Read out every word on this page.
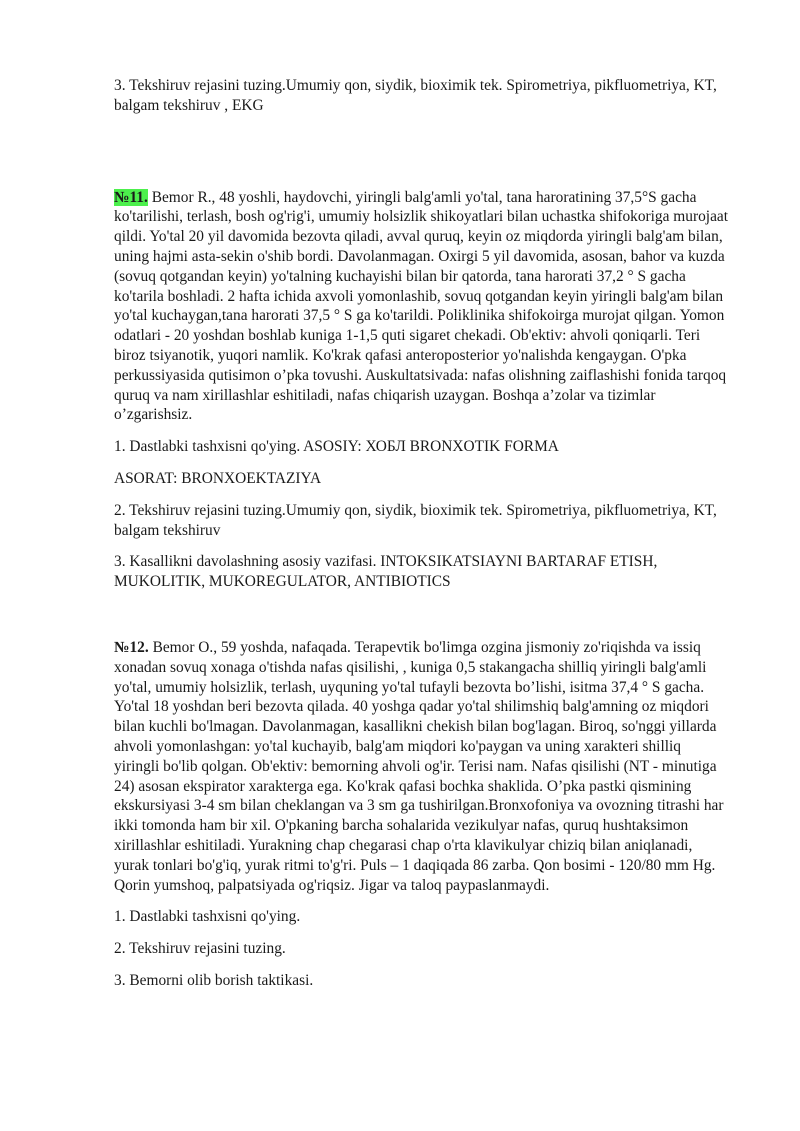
3. Tekshiruv rejasini tuzing.Umumiy qon, siydik, bioximik tek. Spirometriya, pikfluometriya, KT, balgam tekshiruv , EKG

№11. Bemor R., 48 yoshli, haydovchi, yiringli balg'amli yo'tal, tana haroratining 37,5°S gacha ko'tarilishi, terlash, bosh og'rig'i, umumiy holsizlik shikoyatlari bilan uchastka shifokoriga murojaat qildi. Yo'tal 20 yil davomida bezovta qiladi, avval quruq, keyin oz miqdorda yiringli balg'am bilan, uning hajmi asta-sekin o'shib bordi. Davolanmagan. Oxirgi 5 yil davomida, asosan, bahor va kuzda (sovuq qotgandan keyin) yo'talning kuchayishi bilan bir qatorda, tana harorati 37,2 ° S gacha ko'tarila boshladi. 2 hafta ichida axvoli yomonlashib, sovuq qotgandan keyin yiringli balg'am bilan yo'tal kuchaygan,tana harorati 37,5 ° S ga ko'tarildi. Poliklinika shifokoirga murojat qilgan. Yomon odatlari - 20 yoshdan boshlab kuniga 1-1,5 quti sigaret chekadi. Ob'ektiv: ahvoli qoniqarli. Teri biroz tsiyanotik, yuqori namlik. Ko'krak qafasi anteroposterior yo'nalishda kengaygan. O'pka perkussiyasida qutisimon o’pka tovushi. Auskultatsivada: nafas olishning zaiflashishi fonida tarqoq quruq va nam xirillashlar eshitiladi, nafas chiqarish uzaygan. Boshqa a’zolar va tizimlar o’zgarishsiz.

1. Dastlabki tashxisni qo'ying. ASOSIY: ХОБЛ BRONXOTIK FORMA

ASORAT: BRONXOEKTAZIYA

2. Tekshiruv rejasini tuzing.Umumiy qon, siydik, bioximik tek. Spirometriya, pikfluometriya, KT, balgam tekshiruv

3. Kasallikni davolashning asosiy vazifasi. INTOKSIKATSIAYNI BARTARAF ETISH, MUKOLITIK, MUKOREGULATOR, ANTIBIOTICS

№12. Bemor O., 59 yoshda, nafaqada. Terapevtik bo'limga ozgina jismoniy zo'riqishda va issiq xonadan sovuq xonaga o'tishda nafas qisilishi, , kuniga 0,5 stakangacha shilliq yiringli balg'amli yo'tal, umumiy holsizlik, terlash, uyquning yo'tal tufayli bezovta bo’lishi, isitma 37,4 ° S gacha. Yo'tal 18 yoshdan beri bezovta qilada. 40 yoshga qadar yo'tal shilimshiq balg'amning oz miqdori bilan kuchli bo'lmagan. Davolanmagan, kasallikni chekish bilan bog'lagan. Biroq, so'nggi yillarda ahvoli yomonlashgan: yo'tal kuchayib, balg'am miqdori ko'paygan va uning xarakteri shilliq yiringli bo'lib qolgan. Ob'ektiv: bemorning ahvoli og'ir. Terisi nam. Nafas qisilishi (NT - minutiga 24) asosan ekspirator xarakterga ega. Ko'krak qafasi bochka shaklida. O’pka pastki qismining ekskursiyasi 3-4 sm bilan cheklangan va 3 sm ga tushirilgan.Bronxofoniya va ovozning titrashi har ikki tomonda ham bir xil. O'pkaning barcha sohalarida vezikulyar nafas, quruq hushtaksimon xirillashlar eshitiladi. Yurakning chap chegarasi chap o'rta klavikulyar chiziq bilan aniqlanadi, yurak tonlari bo'g'iq, yurak ritmi to'g'ri. Puls – 1 daqiqada 86 zarba. Qon bosimi - 120/80 mm Hg. Qorin yumshoq, palpatsiyada og'riqsiz. Jigar va taloq paypaslanmaydi.

1. Dastlabki tashxisni qo'ying.

2. Tekshiruv rejasini tuzing.

3. Bemorni olib borish taktikasi.
